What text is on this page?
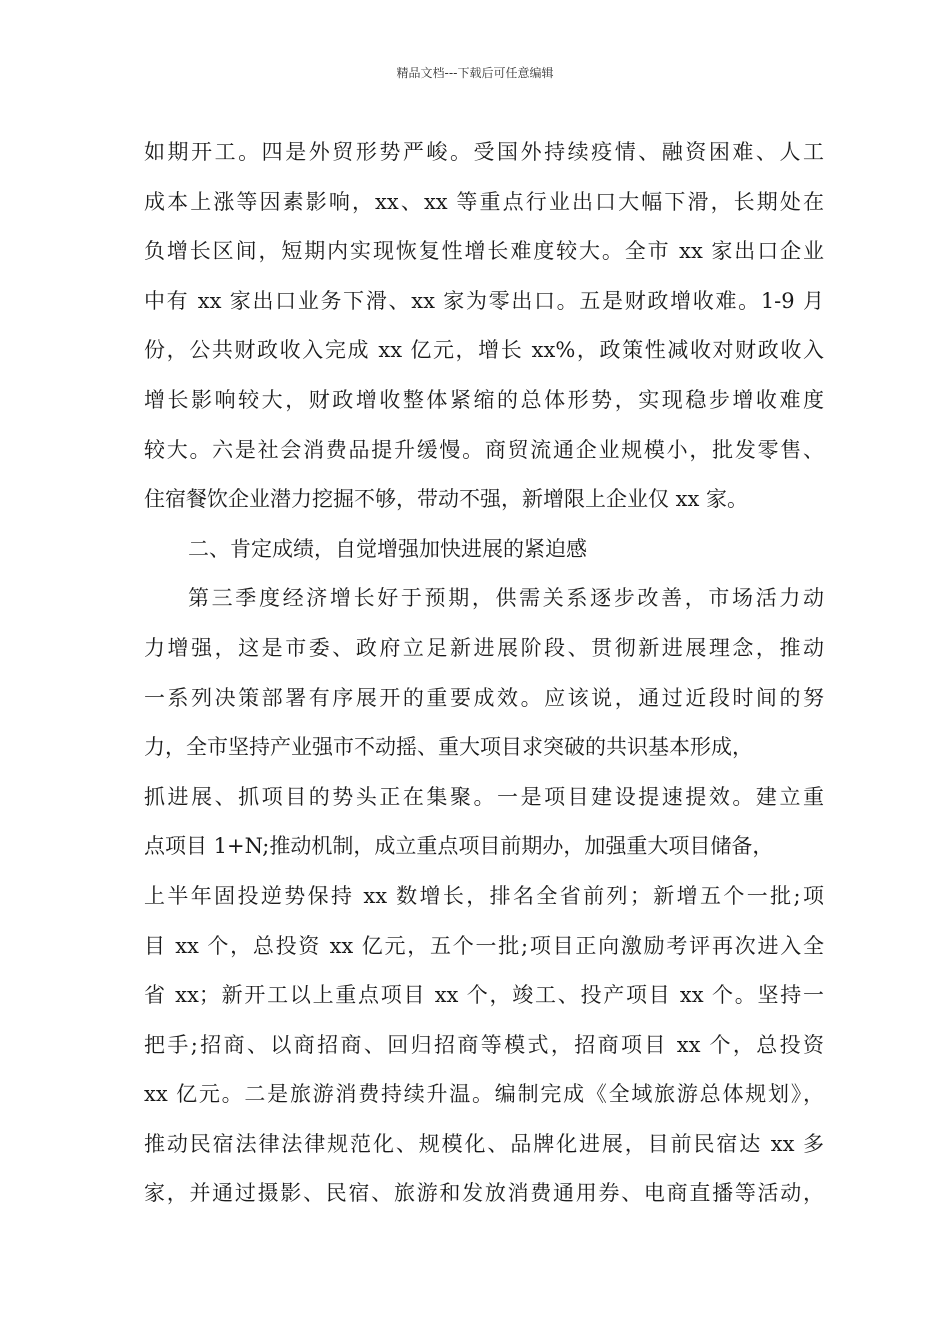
精品文档---下载后可任意编辑
如期开工。四是外贸形势严峻。受国外持续疫情、融资困难、人工
成本上涨等因素影响，xx、xx 等重点行业出口大幅下滑，长期处在
负增长区间，短期内实现恢复性增长难度较大。全市 xx 家出口企业
中有 xx 家出口业务下滑、xx 家为零出口。五是财政增收难。1-9 月
份，公共财政收入完成 xx 亿元，增长 xx%，政策性减收对财政收入
增长影响较大，财政增收整体紧缩的总体形势，实现稳步增收难度
较大。六是社会消费品提升缓慢。商贸流通企业规模小，批发零售、
住宿餐饮企业潜力挖掘不够，带动不强，新增限上企业仅 xx 家。
二、肯定成绩，自觉增强加快进展的紧迫感
第三季度经济增长好于预期，供需关系逐步改善，市场活力动
力增强，这是市委、政府立足新进展阶段、贯彻新进展理念，推动
一系列决策部署有序展开的重要成效。应该说，通过近段时间的努
力，全市坚持产业强市不动摇、重大项目求突破的共识基本形成，
抓进展、抓项目的势头正在集聚。一是项目建设提速提效。建立重
点项目 1+N;推动机制，成立重点项目前期办，加强重大项目储备，
上半年固投逆势保持 xx 数增长，排名全省前列；新增五个一批;项
目 xx 个，总投资 xx 亿元，五个一批;项目正向激励考评再次进入全
省 xx；新开工以上重点项目 xx 个，竣工、投产项目 xx 个。坚持一
把手;招商、以商招商、回归招商等模式，招商项目 xx 个，总投资
xx 亿元。二是旅游消费持续升温。编制完成《全域旅游总体规划》，
推动民宿法律法律规范化、规模化、品牌化进展，目前民宿达 xx 多
家，并通过摄影、民宿、旅游和发放消费通用券、电商直播等活动，
